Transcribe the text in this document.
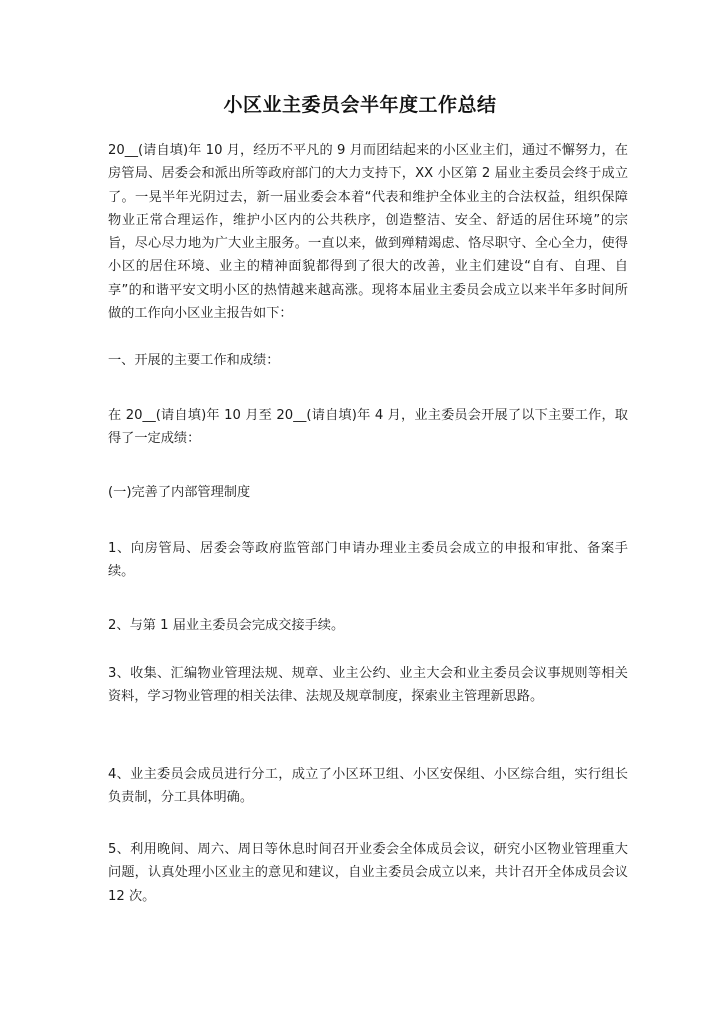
小区业主委员会半年度工作总结

20__(请自填)年 10 月，经历不平凡的 9 月而团结起来的小区业主们，通过不懈努力，在房管局、居委会和派出所等政府部门的大力支持下，XX 小区第 2 届业主委员会终于成立了。一晃半年光阴过去，新一届业委会本着“代表和维护全体业主的合法权益，组织保障物业正常合理运作，维护小区内的公共秩序，创造整洁、安全、舒适的居住环境”的宗旨，尽心尽力地为广大业主服务。一直以来，做到殚精竭虑、恪尽职守、全心全力，使得小区的居住环境、业主的精神面貌都得到了很大的改善，业主们建设“自有、自理、自享”的和谐平安文明小区的热情越来越高涨。现将本届业主委员会成立以来半年多时间所做的工作向小区业主报告如下：

一、开展的主要工作和成绩：

在 20__(请自填)年 10 月至 20__(请自填)年 4 月，业主委员会开展了以下主要工作，取得了一定成绩：

(一)完善了内部管理制度

1、向房管局、居委会等政府监管部门申请办理业主委员会成立的申报和审批、备案手续。

2、与第 1 届业主委员会完成交接手续。

3、收集、汇编物业管理法规、规章、业主公约、业主大会和业主委员会议事规则等相关资料，学习物业管理的相关法律、法规及规章制度，探索业主管理新思路。

4、业主委员会成员进行分工，成立了小区环卫组、小区安保组、小区综合组，实行组长负责制，分工具体明确。

5、利用晚间、周六、周日等休息时间召开业委会全体成员会议，研究小区物业管理重大问题，认真处理小区业主的意见和建议，自业主委员会成立以来，共计召开全体成员会议 12 次。
